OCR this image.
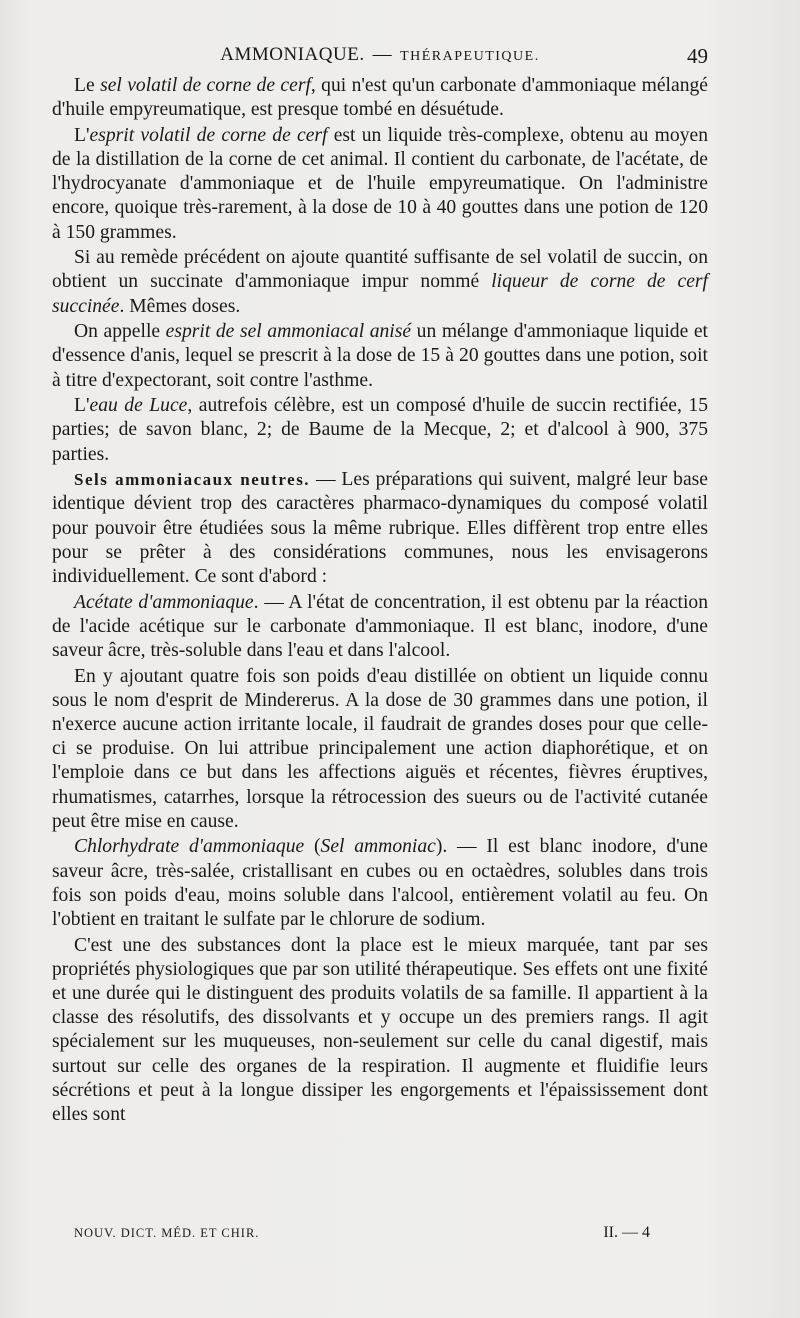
AMMONIAQUE. — THÉRAPEUTIQUE.	49

Le sel volatil de corne de cerf, qui n'est qu'un carbonate d'ammoniaque mélangé d'huile empyreumatique, est presque tombé en désuétude.

L'esprit volatil de corne de cerf est un liquide très-complexe, obtenu au moyen de la distillation de la corne de cet animal. Il contient du carbonate, de l'acétate, de l'hydrocyanate d'ammoniaque et de l'huile empyreumatique. On l'administre encore, quoique très-rarement, à la dose de 10 à 40 gouttes dans une potion de 120 à 150 grammes.

Si au remède précédent on ajoute quantité suffisante de sel volatil de succin, on obtient un succinate d'ammoniaque impur nommé liqueur de corne de cerf succinée. Mêmes doses.

On appelle esprit de sel ammoniacal anisé un mélange d'ammoniaque liquide et d'essence d'anis, lequel se prescrit à la dose de 15 à 20 gouttes dans une potion, soit à titre d'expectorant, soit contre l'asthme.

L'eau de Luce, autrefois célèbre, est un composé d'huile de succin rectifiée, 15 parties; de savon blanc, 2; de Baume de la Mecque, 2; et d'alcool à 900, 375 parties.

Sels ammoniacaux neutres. — Les préparations qui suivent, malgré leur base identique dévient trop des caractères pharmaco-dynamiques du composé volatil pour pouvoir être étudiées sous la même rubrique. Elles diffèrent trop entre elles pour se prêter à des considérations communes, nous les envisagerons individuellement. Ce sont d'abord :

Acétate d'ammoniaque. — A l'état de concentration, il est obtenu par la réaction de l'acide acétique sur le carbonate d'ammoniaque. Il est blanc, inodore, d'une saveur âcre, très-soluble dans l'eau et dans l'alcool.

En y ajoutant quatre fois son poids d'eau distillée on obtient un liquide connu sous le nom d'esprit de Mindererus. A la dose de 30 grammes dans une potion, il n'exerce aucune action irritante locale, il faudrait de grandes doses pour que celle-ci se produise. On lui attribue principalement une action diaphorétique, et on l'emploie dans ce but dans les affections aiguës et récentes, fièvres éruptives, rhumatismes, catarrhes, lorsque la rétrocession des sueurs ou de l'activité cutanée peut être mise en cause.

Chlorhydrate d'ammoniaque (Sel ammoniac). — Il est blanc inodore, d'une saveur âcre, très-salée, cristallisant en cubes ou en octaèdres, solubles dans trois fois son poids d'eau, moins soluble dans l'alcool, entièrement volatil au feu. On l'obtient en traitant le sulfate par le chlorure de sodium.

C'est une des substances dont la place est le mieux marquée, tant par ses propriétés physiologiques que par son utilité thérapeutique. Ses effets ont une fixité et une durée qui le distinguent des produits volatils de sa famille. Il appartient à la classe des résolutifs, des dissolvants et y occupe un des premiers rangs. Il agit spécialement sur les muqueuses, non-seulement sur celle du canal digestif, mais surtout sur celle des organes de la respiration. Il augmente et fluidifie leurs sécrétions et peut à la longue dissiper les engorgements et l'épaississement dont elles sont

NOUV. DICT. MÉD. ET CHIR.	II. — 4
